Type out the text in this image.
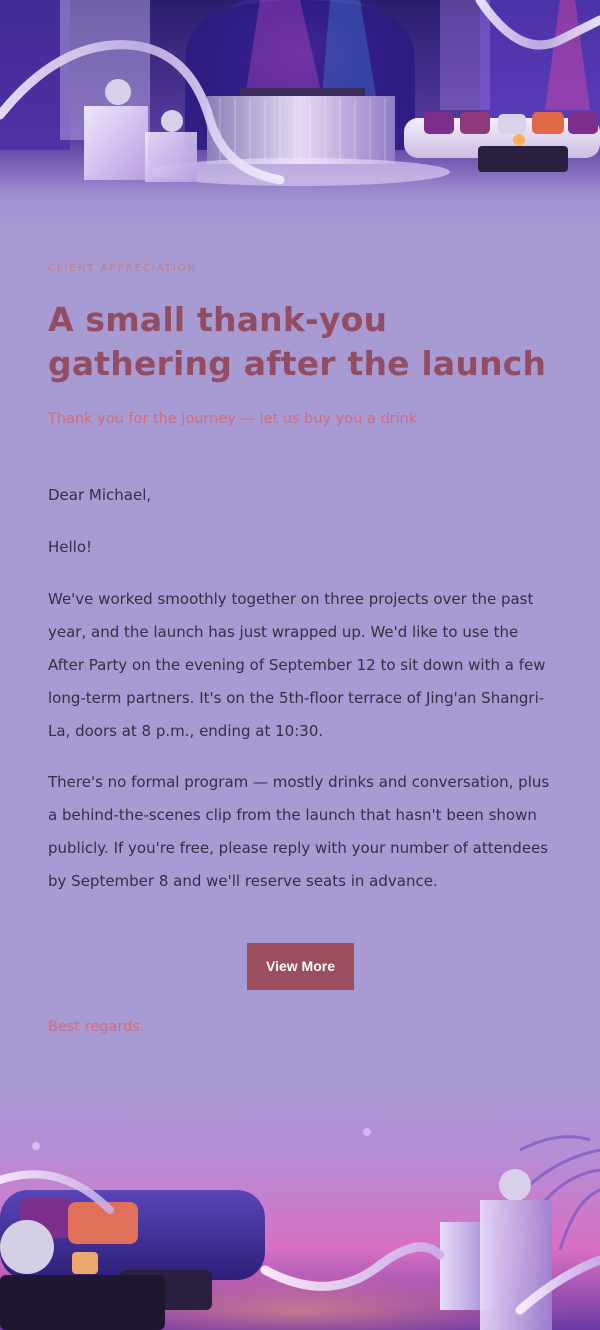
CLIENT APPRECIATION

A small thank-you gathering after the launch

Thank you for the journey — let us buy you a drink

Dear Michael,

Hello!

We've worked smoothly together on three projects over the past year, and the launch has just wrapped up. We'd like to use the After Party on the evening of September 12 to sit down with a few long-term partners. It's on the 5th-floor terrace of Jing'an Shangri-La, doors at 8 p.m., ending at 10:30.

There's no formal program — mostly drinks and conversation, plus a behind-the-scenes clip from the launch that hasn't been shown publicly. If you're free, please reply with your number of attendees by September 8 and we'll reserve seats in advance.

View More

Best regards.
